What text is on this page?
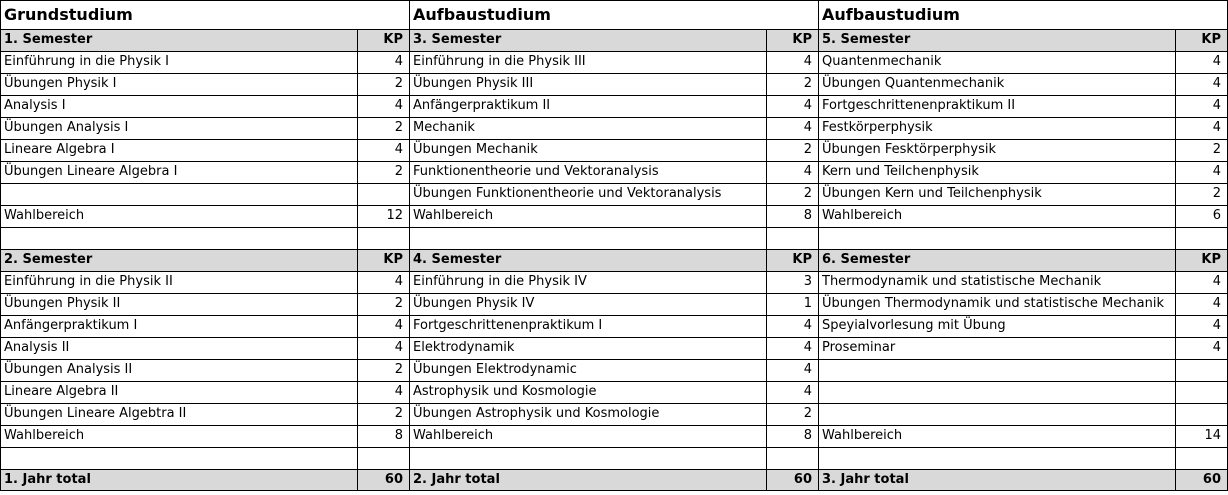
Grundstudium
1. Semester	KP
Einführung in die Physik I	4
Übungen Physik I	2
Analysis I	4
Übungen Analysis I	2
Lineare Algebra I	4
Übungen Lineare Algebra I	2
Wahlbereich	12
2. Semester	KP
Einführung in die Physik II	4
Übungen Physik II	2
Anfängerpraktikum I	4
Analysis II	4
Übungen Analysis II	2
Lineare Algebra II	4
Übungen Lineare Algebtra II	2
Wahlbereich	8
1. Jahr total	60
Aufbaustudium
3. Semester	KP
Einführung in die Physik III	4
Übungen Physik III	2
Anfängerpraktikum II	4
Mechanik	4
Übungen Mechanik	2
Funktionentheorie und Vektoranalysis	4
Übungen Funktionentheorie und Vektoranalysis	2
Wahlbereich	8
4. Semester	KP
Einführung in die Physik IV	3
Übungen Physik IV	1
Fortgeschrittenenpraktikum I	4
Elektrodynamik	4
Übungen Elektrodynamic	4
Astrophysik und Kosmologie	4
Übungen Astrophysik und Kosmologie	2
Wahlbereich	8
2. Jahr total	60
Aufbaustudium
5. Semester	KP
Quantenmechanik	4
Übungen Quantenmechanik	4
Fortgeschrittenenpraktikum II	4
Festkörperphysik	4
Übungen Fesktörperphysik	2
Kern und Teilchenphysik	4
Übungen Kern und Teilchenphysik	2
Wahlbereich	6
6. Semester	KP
Thermodynamik und statistische Mechanik	4
Übungen Thermodynamik und statistische Mechanik	4
Speyialvorlesung mit Übung	4
Proseminar	4
Wahlbereich	14
3. Jahr total	60
